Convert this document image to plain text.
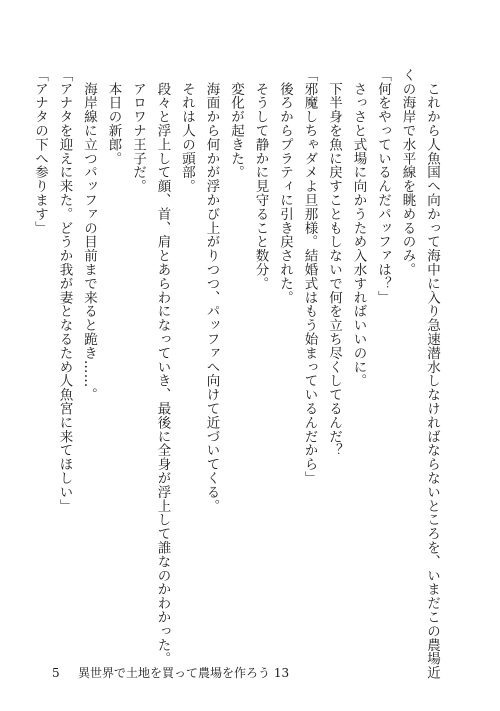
　これから人魚国へ向かって海中に入り急速潜水しなければならないところを、いまだこの農場近
くの海岸で水平線を眺めるのみ。
「何をやっているんだパッファは？」
　さっさと式場に向かうため入水すればいいのに。
　下半身を魚に戻すこともしないで何を立ち尽くしてるんだ？
「邪魔しちゃダメよ旦那様。結婚式はもう始まっているんだから」
　後ろからプラティに引き戻された。
　そうして静かに見守ること数分。
　変化が起きた。
　海面から何かが浮かび上がりつつ、パッファへ向けて近づいてくる。
　それは人の頭部。
　段々と浮上して顔、首、肩とあらわになっていき、最後に全身が浮上して誰なのかわかった。
　アロワナ王子だ。
　本日の新郎。
　海岸線に立つパッファの目前まで来ると跪き……。
「アナタを迎えに来た。どうか我が妻となるため人魚宮に来てほしい」
「アナタの下へ参ります」
5 異世界で土地を買って農場を作ろう 13
